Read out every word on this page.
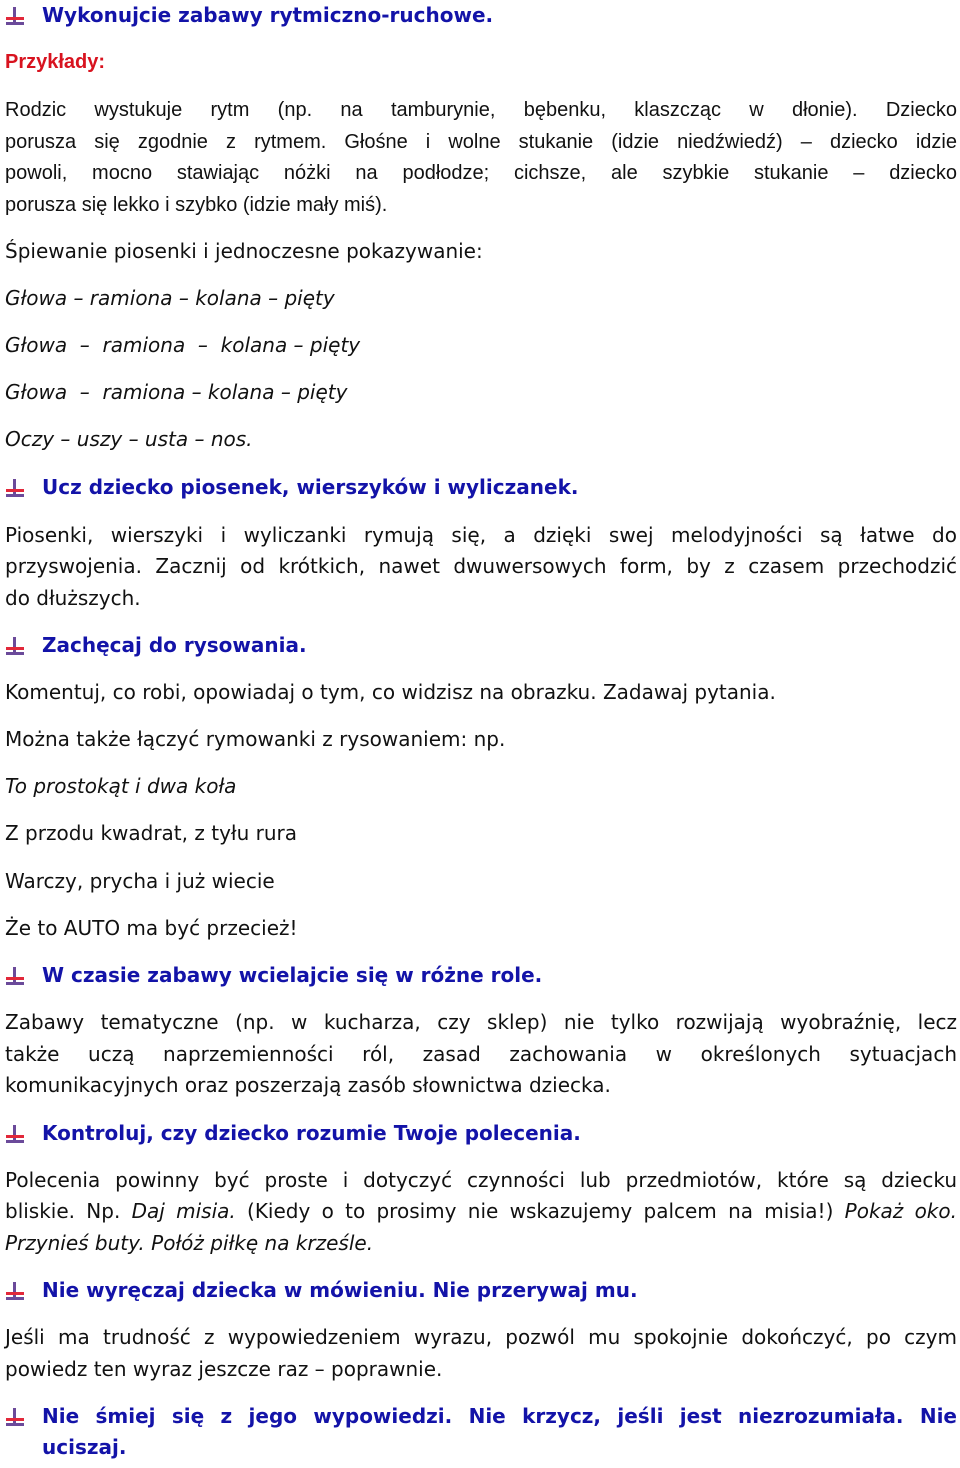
Wykonujcie zabawy rytmiczno-ruchowe.

Przykłady:

Rodzic wystukuje rytm (np. na tamburynie, bębenku, klaszcząc w dłonie). Dziecko

porusza się zgodnie z rytmem. Głośne i wolne stukanie (idzie niedźwiedź) – dziecko idzie

powoli, mocno stawiając nóżki na podłodze; cichsze, ale szybkie stukanie – dziecko

porusza się lekko i szybko (idzie mały miś).

Śpiewanie piosenki i jednoczesne pokazywanie:

Głowa – ramiona – kolana – pięty

Głowa  –  ramiona  –  kolana – pięty

Głowa  –  ramiona – kolana – pięty

Oczy – uszy – usta – nos.

Ucz dziecko piosenek, wierszyków i wyliczanek.

Piosenki, wierszyki i wyliczanki rymują się, a dzięki swej melodyjności są łatwe do

przyswojenia. Zacznij od krótkich, nawet dwuwersowych form, by z czasem przechodzić

do dłuższych.

Zachęcaj do rysowania.

Komentuj, co robi, opowiadaj o tym, co widzisz na obrazku. Zadawaj pytania.

Można także łączyć rymowanki z rysowaniem: np.

To prostokąt i dwa koła

Z przodu kwadrat, z tyłu rura

Warczy, prycha i już wiecie

Że to AUTO ma być przecież!

W czasie zabawy wcielajcie się w różne role.

Zabawy tematyczne (np. w kucharza, czy sklep) nie tylko rozwijają wyobraźnię, lecz

także uczą naprzemienności ról, zasad zachowania w określonych sytuacjach

komunikacyjnych oraz poszerzają zasób słownictwa dziecka.

Kontroluj, czy dziecko rozumie Twoje polecenia.

Polecenia powinny być proste i dotyczyć czynności lub przedmiotów, które są dziecku

bliskie. Np. Daj misia. (Kiedy o to prosimy nie wskazujemy palcem na misia!) Pokaż oko.

Przynieś buty. Połóż piłkę na krześle.

Nie wyręczaj dziecka w mówieniu. Nie przerywaj mu.

Jeśli ma trudność z wypowiedzeniem wyrazu, pozwól mu spokojnie dokończyć, po czym

powiedz ten wyraz jeszcze raz – poprawnie.

Nie śmiej się z jego wypowiedzi. Nie krzycz, jeśli jest niezrozumiała. Nie
uciszaj.
